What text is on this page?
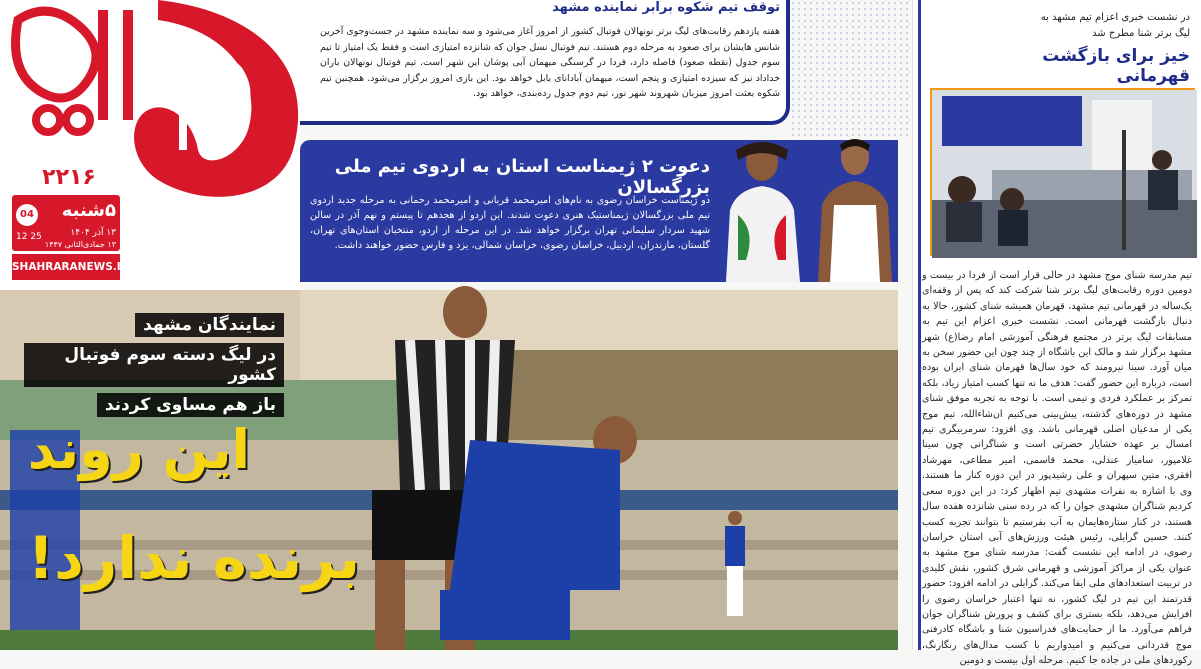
۲۲۱۶
۵شنبه
04
۱۳ آذر ۱۴۰۴
۱۳ جمادی‌الثانی ۱۴۴۷
12 25
SHAHRARANEWS.IR
توقف تیم شکوه برابر نماینده مشهد
هفته یازدهم رقابت‌های لیگ برتر نونهالان فوتبال کشور از امروز آغاز می‌شود و سه نماینده مشهد در جست‌وجوی آخرین شانس هایشان برای صعود به مرحله دوم هستند. تیم فوتبال نسل جوان که شانزده امتیازی است و فقط یک امتیاز تا تیم سوم جدول (نقطه صعود) فاصله دارد، فردا در گرسنگی میهمان آبی پوشان این شهر است. تیم فوتبال نونهالان باران خداداد نیز که سیزده امتیازی و پنجم است، میهمان آبادانای بابل خواهد بود. این بازی امروز برگزار می‌شود. همچنین تیم شکوه بعثت امروز میزبان شهروند شهر نور، تیم دوم جدول رده‌بندی، خواهد بود.
دعوت ۲ ژیمناست استان به اردوی تیم ملی بزرگسالان
دو ژیمناست خراسان رضوی به نام‌های امیرمحمد قربانی و امیرمحمد رحمانی به مرحله جدید اردوی تیم ملی بزرگسالان ژیمناستیک هنری دعوت شدند. این اردو از هجدهم تا پیستم و نهم آذر در سالن شهید سردار سلیمانی تهران برگزار خواهد شد. در این مرحله از اردو، منتخبان استان‌های تهران، گلستان، مازندران، اردبیل، خراسان رضوی، خراسان شمالی، یزد و فارس حضور خواهند داشت.
در نشست خبری اعزام تیم مشهد به لیگ برتر شنا مطرح شد
خیز برای بازگشت قهرمانی
تیم مدرسه شنای موج مشهد در حالی قرار است از فردا در بیست و دومین دوره رقابت‌های لیگ برتر شنا شرکت کند که پس از وقفه‌ای یک‌ساله در قهرمانی تیم مشهد، قهرمان همیشه شنای کشور، حالا به دنبال بازگشت قهرمانی است. نشست خبری اعزام این تیم به مسابقات لیگ برتر در مجتمع فرهنگی آموزشی امام رضا(ع) شهر مشهد برگزار شد و مالک این باشگاه از چند چون این حضور سخن به میان آورد. سینا نیرومند که خود سال‌ها قهرمان شنای ایران بوده است، درباره این حضور گفت: هدف ما نه تنها کسب امتیاز زیاد، بلکه تمرکز بر عملکرد فردی و تیمی است. با توجه به تجربه موفق شنای مشهد در دوره‌های گذشته، پیش‌بینی می‌کنیم ان‌شاءالله، تیم موج یکی از مدعیان اصلی قهرمانی باشد. وی افزود: سرمربیگری تیم امسال بر عهده خشایار حضرتی است و شناگرانی چون سینا غلامپور، سامیار عندلی، محمد قاسمی، امیر مطاعی، مهرشاد افقری، متین سپهران و علی رشیدپور در این دوره کنار ما هستند. وی با اشاره به نفرات مشهدی تیم اظهار کرد: در این دوره سعی کردیم شناگران مشهدی جوان را که در رده سنی شانزده هفده سال هستند، در کنار ستاره‌هایمان به آب بفرستیم تا بتوانند تجربه کسب کنند. حسین گرایلی، رئیس هیئت ورزش‌های آبی استان خراسان رضوی، در ادامه این نشست گفت: مدرسه شنای موج مشهد به عنوان یکی از مراکز آموزشی و قهرمانی شرق کشور، نقش کلیدی در تربیت استعدادهای ملی ایفا می‌کند. گرایلی در ادامه افزود: حضور قدرتمند این تیم در لیگ کشور، نه تنها اعتبار خراسان رضوی را افزایش می‌دهد، بلکه بستری برای کشف و پرورش شناگران جوان فراهم می‌آورد. ما از حمایت‌های فدراسیون شنا و باشگاه کادرفنی موج قدردانی می‌کنیم و امیدواریم با کسب مدال‌های رنگارنگ، رکوردهای ملی در جاده جا کنیم. مرحله اول بیست و دومین
نمایندگان مشهد
در لیگ دسته سوم فوتبال کشور
باز هم مساوی کردند
این روند
برنده ندارد!
